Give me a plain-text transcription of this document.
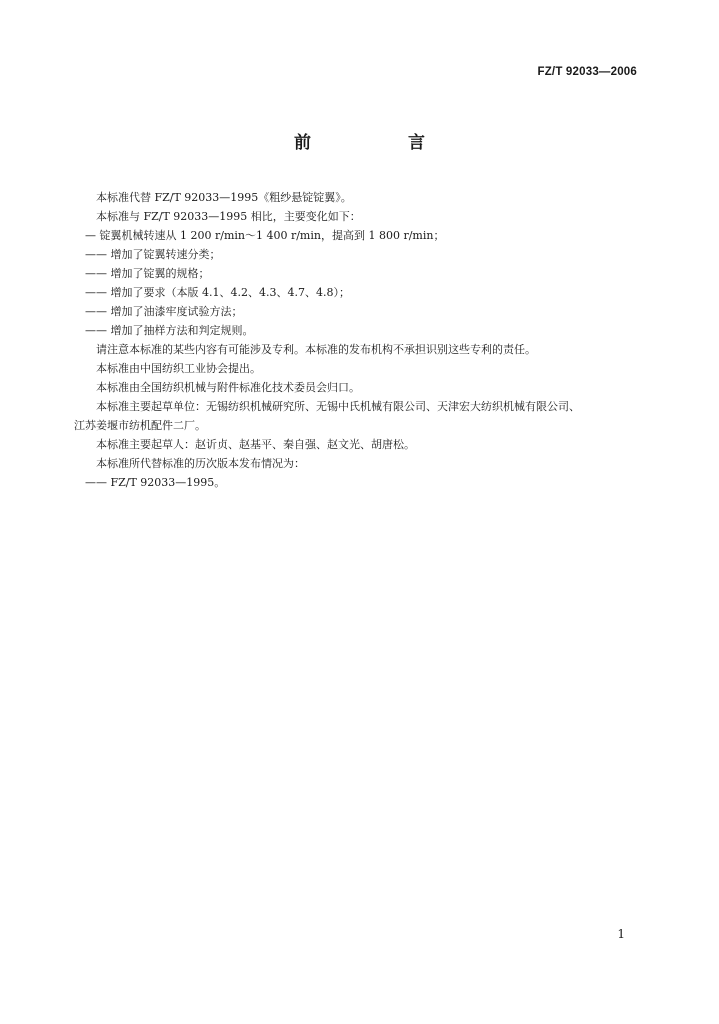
FZ/T 92033—2006
前　言

本标准代替 FZ/T 92033—1995《粗纱悬锭锭翼》。

本标准与 FZ/T 92033—1995 相比，主要变化如下：

— 锭翼机械转速从 1 200 r/min～1 400 r/min，提高到 1 800 r/min；

—— 增加了锭翼转速分类；

—— 增加了锭翼的规格；

—— 增加了要求（本版 4.1、4.2、4.3、4.7、4.8）；

—— 增加了油漆牢度试验方法；

—— 增加了抽样方法和判定规则。

请注意本标准的某些内容有可能涉及专利。本标准的发布机构不承担识别这些专利的责任。

本标准由中国纺织工业协会提出。

本标准由全国纺织机械与附件标准化技术委员会归口。

本标准主要起草单位：无锡纺织机械研究所、无锡中氏机械有限公司、天津宏大纺织机械有限公司、

江苏姜堰市纺机配件二厂。

本标准主要起草人：赵䜣贞、赵基平、秦自强、赵文光、胡唐松。

本标准所代替标准的历次版本发布情况为：

—— FZ/T 92033—1995。

1
